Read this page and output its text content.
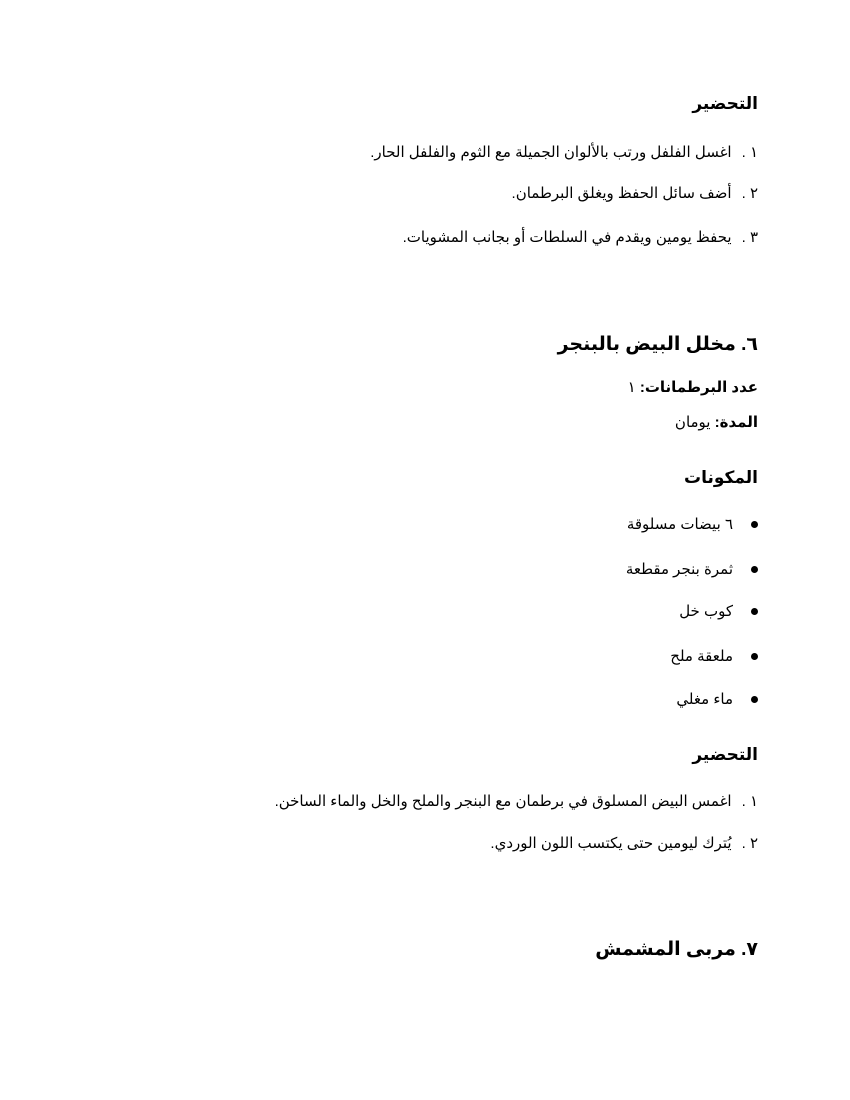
التحضير
١ .اغسل الفلفل ورتب بالألوان الجميلة مع الثوم والفلفل الحار.
٢ .أضف سائل الحفظ ويغلق البرطمان.
٣ .يحفظ يومين ويقدم في السلطات أو بجانب المشويات.
٦. مخلل البيض بالبنجر
عدد البرطمانات: ١
المدة: يومان
المكونات
٦ بيضات مسلوقة
ثمرة بنجر مقطعة
كوب خل
ملعقة ملح
ماء مغلي
التحضير
١ .اغمس البيض المسلوق في برطمان مع البنجر والملح والخل والماء الساخن.
٢ .يُترك ليومين حتى يكتسب اللون الوردي.
٧. مربى المشمش
